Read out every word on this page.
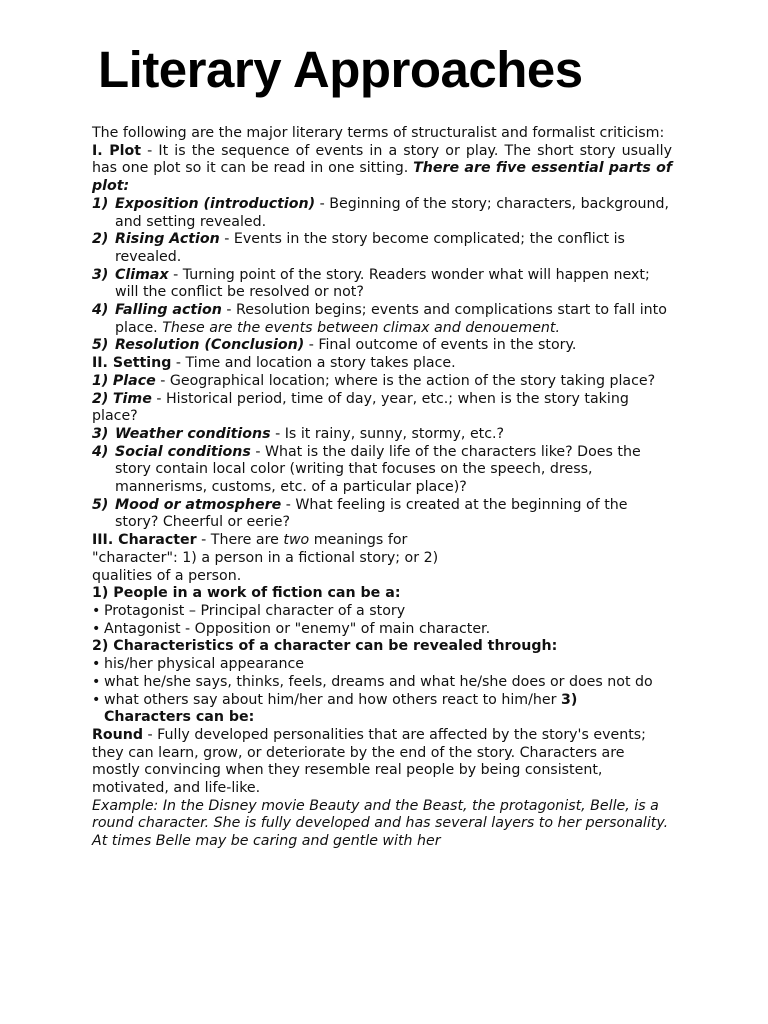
Literary Approaches

The following are the major literary terms of structuralist and formalist criticism:

I. Plot - It is the sequence of events in a story or play. The short story usually has one plot so it can be read in one sitting. There are five essential parts of plot:

1) Exposition (introduction) - Beginning of the story; characters, background, and setting revealed.
2) Rising Action - Events in the story become complicated; the conflict is revealed.
3) Climax - Turning point of the story. Readers wonder what will happen next; will the conflict be resolved or not?
4) Falling action - Resolution begins; events and complications start to fall into place. These are the events between climax and denouement.
5) Resolution (Conclusion) - Final outcome of events in the story.

II. Setting - Time and location a story takes place.

1) Place - Geographical location; where is the action of the story taking place? 2) Time - Historical period, time of day, year, etc.; when is the story taking place?

3) Weather conditions - Is it rainy, sunny, stormy, etc.?
4) Social conditions - What is the daily life of the characters like? Does the story contain local color (writing that focuses on the speech, dress, mannerisms, customs, etc. of a particular place)?
5) Mood or atmosphere - What feeling is created at the beginning of the story? Cheerful or eerie?

III. Character - There are two meanings for

"character": 1) a person in a fictional story; or 2)

qualities of a person.

1) People in a work of fiction can be a:

• Protagonist – Principal character of a story
• Antagonist - Opposition or "enemy" of main character.

2) Characteristics of a character can be revealed through:

• his/her physical appearance
• what he/she says, thinks, feels, dreams and what he/she does or does not do
• what others say about him/her and how others react to him/her 3)
Characters can be:

Round - Fully developed personalities that are affected by the story's events; they can learn, grow, or deteriorate by the end of the story. Characters are mostly convincing when they resemble real people by being consistent, motivated, and life-like.

Example: In the Disney movie Beauty and the Beast, the protagonist, Belle, is a round character. She is fully developed and has several layers to her personality. At times Belle may be caring and gentle with her
